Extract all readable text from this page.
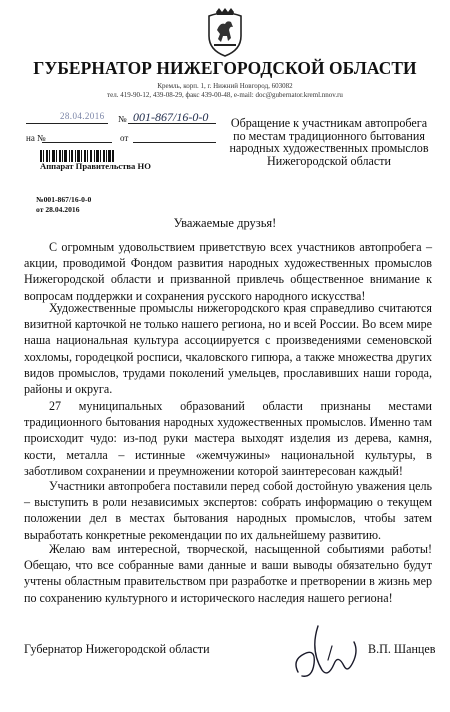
ГУБЕРНАТОР НИЖЕГОРОДСКОЙ ОБЛАСТИ
Кремль, корп. 1, г. Нижний Новгород, 603082
тел. 419-90-12, 439-08-29, факс 439-00-48, e-mail: doc@gubernator.kreml.nnov.ru
28.04.2016 № 001-867/16-0-0
на №	от
Аппарат Правительства НО
№001-867/16-0-0
от 28.04.2016
Обращение к участникам автопробега по местам традиционного бытования народных художественных промыслов Нижегородской области
Уважаемые друзья!
С огромным удовольствием приветствую всех участников автопробега – акции, проводимой Фондом развития народных художественных промыслов Нижегородской области и призванной привлечь общественное внимание к вопросам поддержки и сохранения русского народного искусства!
Художественные промыслы нижегородского края справедливо считаются визитной карточкой не только нашего региона, но и всей России. Во всем мире наша национальная культура ассоциируется с произведениями семеновской хохломы, городецкой росписи, чкаловского гипюра, а также множества других видов промыслов, трудами поколений умельцев, прославивших наши города, районы и округа.
27 муниципальных образований области признаны местами традиционного бытования народных художественных промыслов. Именно там происходит чудо: из-под руки мастера выходят изделия из дерева, камня, кости, металла – истинные «жемчужины» национальной культуры, в заботливом сохранении и преумножении которой заинтересован каждый!
Участники автопробега поставили перед собой достойную уважения цель – выступить в роли независимых экспертов: собрать информацию о текущем положении дел в местах бытования народных промыслов, чтобы затем выработать конкретные рекомендации по их дальнейшему развитию.
Желаю вам интересной, творческой, насыщенной событиями работы! Обещаю, что все собранные вами данные и ваши выводы обязательно будут учтены областным правительством при разработке и претворении в жизнь мер по сохранению культурного и исторического наследия нашего региона!
Губернатор Нижегородской области	В.П. Шанцев
